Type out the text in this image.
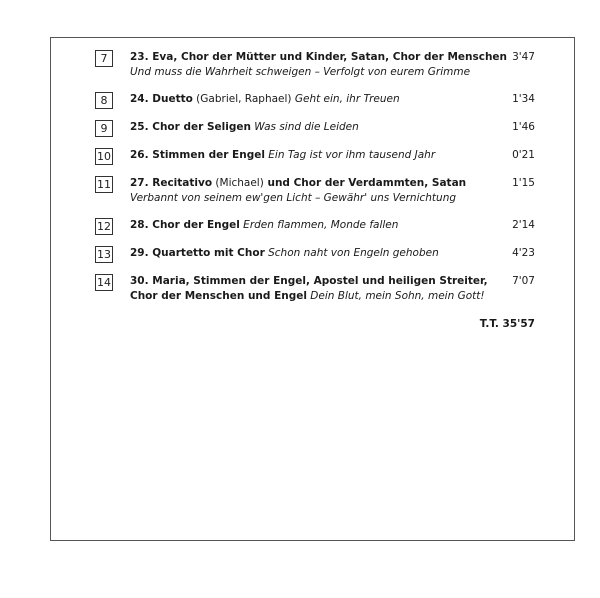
7	23. Eva, Chor der Mütter und Kinder, Satan, Chor der Menschen
Und muss die Wahrheit schweigen – Verfolgt von eurem Grimme
3'47
8	24. Duetto (Gabriel, Raphael) Geht ein, ihr Treuen	1'34
9	25. Chor der Seligen Was sind die Leiden	1'46
10 26. Stimmen der Engel Ein Tag ist vor ihm tausend Jahr	0'21
11 27. Recitativo (Michael) und Chor der Verdammten, Satan
Verbannt von seinem ew'gen Licht – Gewähr' uns Vernichtung
1'15
12 28. Chor der Engel Erden flammen, Monde fallen	2'14
13 29. Quartetto mit Chor Schon naht von Engeln gehoben	4'23
14 30. Maria, Stimmen der Engel, Apostel und heiligen Streiter,
Chor der Menschen und Engel Dein Blut, mein Sohn, mein Gott!
7'07
T.T. 35'57
